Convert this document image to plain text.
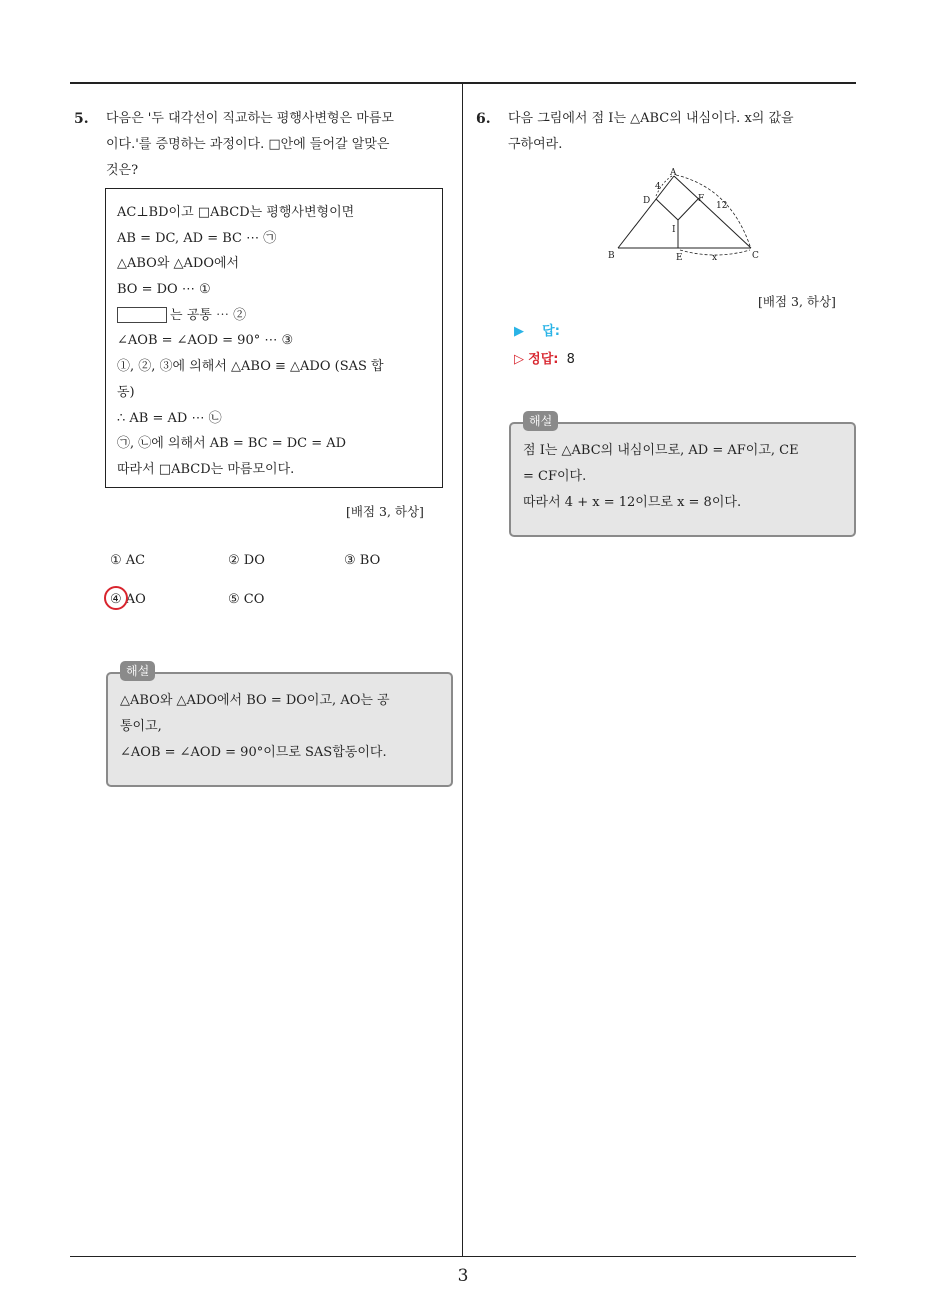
5. 다음은 '두 대각선이 직교하는 평행사변형은 마름모
이다.'를 증명하는 과정이다. □안에 들어갈 알맞은
것은?
AC⊥BD이고 □ABCD는 평행사변형이면
AB = DC, AD = BC ⋯ ㉠
△ABO와 △ADO에서
BO = DO ⋯ ①
는 공통 ⋯ ②
∠AOB = ∠AOD = 90° ⋯ ③
①, ②, ③에 의해서 △ABO ≡ △ADO (SAS 합
동)
∴ AB = AD ⋯ ㉡
㉠, ㉡에 의해서 AB = BC = DC = AD
따라서 □ABCD는 마름모이다.
[배점 3, 하상]
① AC	② DO	③ BO
④ AO	⑤ CO
△ABO와 △ADO에서 BO = DO이고, AO는 공
통이고,
∠AOB = ∠AOD = 90°이므로 SAS합동이다.
해설
6. 다음 그림에서 점 I는 △ABC의 내심이다. x의 값을
구하여라.
A
B	C
D
E
F
I
4
12
x
[배점 3, 하상]
▶ 답:
▷ 정답: 8
점 I는 △ABC의 내심이므로, AD = AF이고, CE
= CF이다.
따라서 4 + x = 12이므로 x = 8이다.
해설
3
